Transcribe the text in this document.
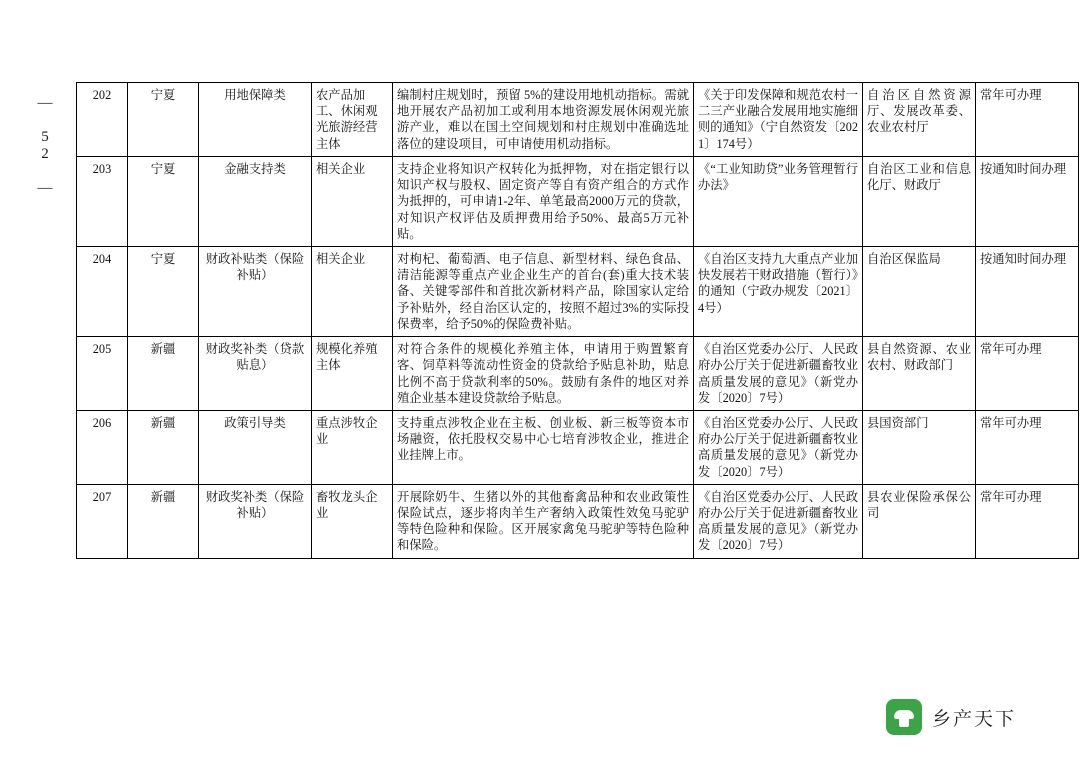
— 52 —	202	宁夏	用地保障类	农产品加工、休闲观光旅游经营主体	编制村庄规划时，预留 5%的建设用地机动指标。需就地开展农产品初加工或利用本地资源发展休闲观光旅游产业，难以在国土空间规划和村庄规划中准确选址落位的建设项目，可申请使用机动指标。	《关于印发保障和规范农村一二三产业融合发展用地实施细则的通知》（宁自然资发〔2021〕174号）	自治区自然资源厅、发展改革委、农业农村厅	常年可办理
203	宁夏	金融支持类	相关企业	支持企业将知识产权转化为抵押物，对在指定银行以知识产权与股权、固定资产等自有资产组合的方式作为抵押的，可申请1-2年、单笔最高2000万元的贷款，对知识产权评估及质押费用给予50%、最高5万元补贴。	《“工业知助贷”业务管理暂行办法》	自治区工业和信息化厅、财政厅	按通知时间办理
204	宁夏	财政补贴类（保险补贴）	相关企业	对枸杞、葡萄酒、电子信息、新型材料、绿色食品、清洁能源等重点产业企业生产的首台(套)重大技术装备、关键零部件和首批次新材料产品，除国家认定给予补贴外，经自治区认定的，按照不超过3%的实际投保费率，给予50%的保险费补贴。	《自治区支持九大重点产业加快发展若干财政措施（暂行）》的通知（宁政办规发〔2021〕4号）	自治区保监局	按通知时间办理
205	新疆	财政奖补类（贷款贴息）	规模化养殖主体	对符合条件的规模化养殖主体，申请用于购置繁育客、饲草料等流动性资金的贷款给予贴息补助，贴息比例不高于贷款利率的50%。鼓励有条件的地区对养殖企业基本建设贷款给予贴息。	《自治区党委办公厅、人民政府办公厅关于促进新疆畜牧业高质量发展的意见》（新党办发〔2020〕7号）	县自然资源、农业农村、财政部门	常年可办理
206	新疆	政策引导类	重点涉牧企业	支持重点涉牧企业在主板、创业板、新三板等资本市场融资，依托股权交易中心七培育涉牧企业，推进企业挂牌上市。	《自治区党委办公厅、人民政府办公厅关于促进新疆畜牧业高质量发展的意见》（新党办发〔2020〕7号）	县国资部门	常年可办理
207	新疆	财政奖补类（保险补贴）	畜牧龙头企业	开展除奶牛、生猪以外的其他畜禽品种和农业政策性保险试点，逐步将肉羊生产奢纳入政策性效兔马驼驴等特色险种和保险。区开展家禽兔马驼驴等特色险种和保险。	《自治区党委办公厅、人民政府办公厅关于促进新疆畜牧业高质量发展的意见》（新党办发〔2020〕7号）	县农业保险承保公司	常年可办理
乡产天下
